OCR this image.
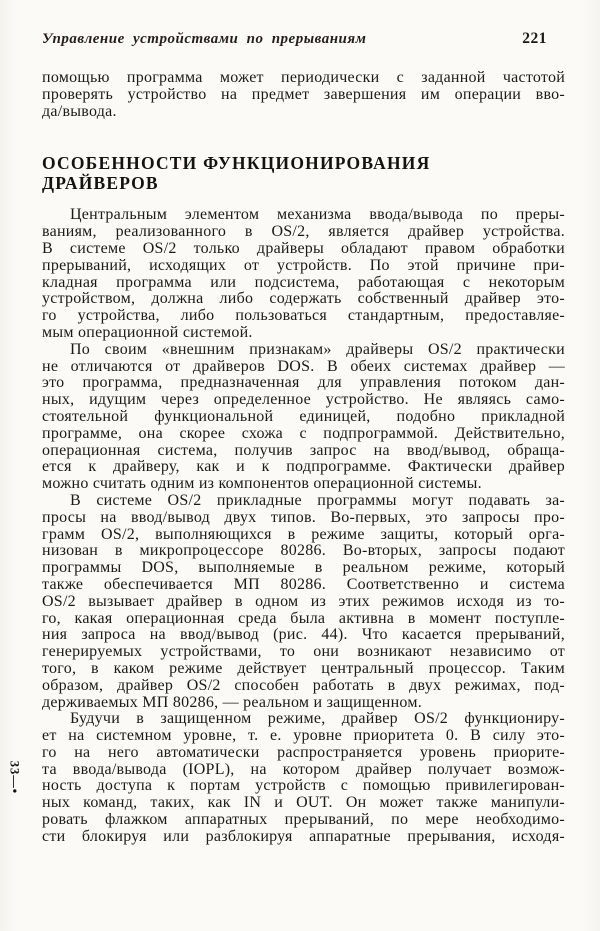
Управление устройствами по прерываниям	221
помощью программа может периодически с заданной частотой
проверять устройство на предмет завершения им операции вво-
да/вывода.
ОСОБЕННОСТИ ФУНКЦИОНИРОВАНИЯ
ДРАЙВЕРОВ
Центральным элементом механизма ввода/вывода по преры-
ваниям, реализованного в OS/2, является драйвер устройства.
В системе OS/2 только драйверы обладают правом обработки
прерываний, исходящих от устройств. По этой причине при-
кладная программа или подсистема, работающая с некоторым
устройством, должна либо содержать собственный драйвер это-
го устройства, либо пользоваться стандартным, предоставляе-
мым операционной системой.
По своим «внешним признакам» драйверы OS/2 практически
не отличаются от драйверов DOS. В обеих системах драйвер —
это программа, предназначенная для управления потоком дан-
ных, идущим через определенное устройство. Не являясь само-
стоятельной функциональной единицей, подобно прикладной
программе, она скорее схожа с подпрограммой. Действительно,
операционная система, получив запрос на ввод/вывод, обраща-
ется к драйверу, как и к подпрограмме. Фактически драйвер
можно считать одним из компонентов операционной системы.
В системе OS/2 прикладные программы могут подавать за-
просы на ввод/вывод двух типов. Во-первых, это запросы про-
грамм OS/2, выполняющихся в режиме защиты, который орга-
низован в микропроцессоре 80286. Во-вторых, запросы подают
программы DOS, выполняемые в реальном режиме, который
также обеспечивается МП 80286. Соответственно и система
OS/2 вызывает драйвер в одном из этих режимов исходя из то-
го, какая операционная среда была активна в момент поступле-
ния запроса на ввод/вывод (рис. 44). Что касается прерываний,
генерируемых устройствами, то они возникают независимо от
того, в каком режиме действует центральный процессор. Таким
образом, драйвер OS/2 способен работать в двух режимах, под-
держиваемых МП 80286, — реальном и защищенном.
Будучи в защищенном режиме, драйвер OS/2 функциониру-
ет на системном уровне, т. е. уровне приоритета 0. В силу это-
го на него автоматически распространяется уровень приорите-
та ввода/вывода (IOPL), на котором драйвер получает возмож-
ность доступа к портам устройств с помощью привилегирован-
ных команд, таких, как IN и OUT. Он может также манипули-
ровать флажком аппаратных прерываний, по мере необходимо-
сти блокируя или разблокируя аппаратные прерывания, исходя-
33—•
